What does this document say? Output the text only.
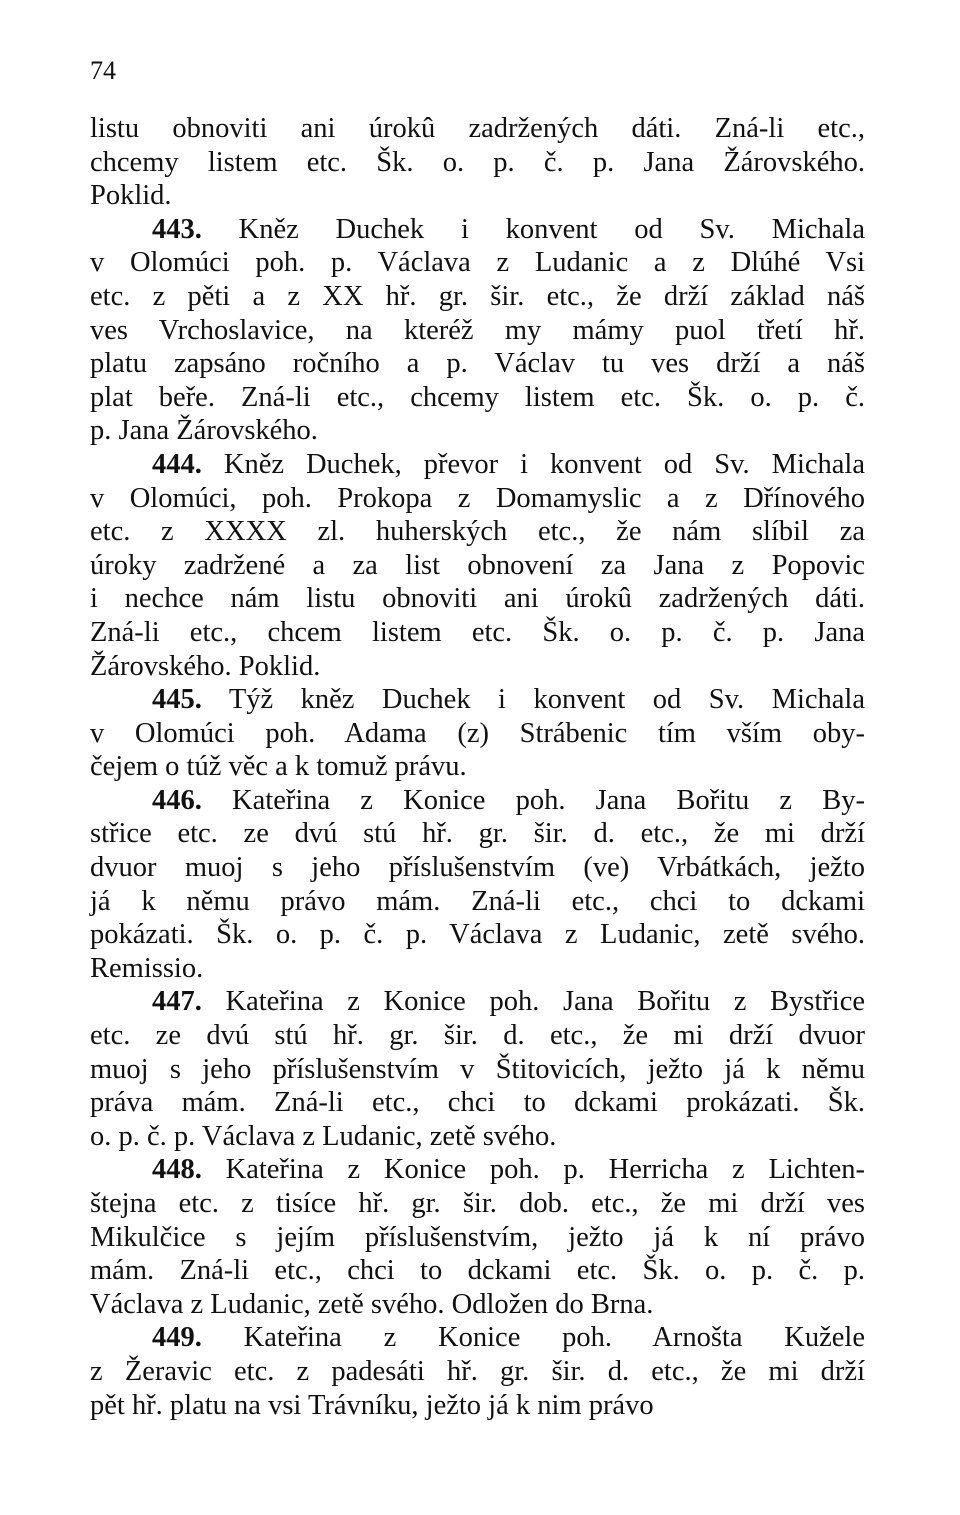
74
listu obnoviti ani úrokû zadržených dáti. Zná-li etc.,
chcemy listem etc. Šk. o. p. č. p. Jana Žárovského.
Poklid.
443. Kněz Duchek i konvent od Sv. Michala
v Olomúci poh. p. Václava z Ludanic a z Dlúhé Vsi
etc. z pěti a z XX hř. gr. šir. etc., že drží základ náš
ves Vrchoslavice, na kteréž my mámy puol třetí hř.
platu zapsáno ročního a p. Václav tu ves drží a náš
plat beře. Zná-li etc., chcemy listem etc. Šk. o. p. č.
p. Jana Žárovského.
444. Kněz Duchek, převor i konvent od Sv. Michala
v Olomúci, poh. Prokopa z Domamyslic a z Dřínového
etc. z XXXX zl. huherských etc., že nám slíbil za
úroky zadržené a za list obnovení za Jana z Popovic
i nechce nám listu obnoviti ani úrokû zadržených dáti.
Zná-li etc., chcem listem etc. Šk. o. p. č. p. Jana
Žárovského. Poklid.
445. Týž kněz Duchek i konvent od Sv. Michala
v Olomúci poh. Adama (z) Strábenic tím vším oby-
čejem o túž věc a k tomuž právu.
446. Kateřina z Konice poh. Jana Bořitu z By-
střice etc. ze dvú stú hř. gr. šir. d. etc., že mi drží
dvuor muoj s jeho příslušenstvím (ve) Vrbátkách, ježto
já k němu právo mám. Zná-li etc., chci to dckami
pokázati. Šk. o. p. č. p. Václava z Ludanic, zetě svého.
Remissio.
447. Kateřina z Konice poh. Jana Bořitu z Bystřice
etc. ze dvú stú hř. gr. šir. d. etc., že mi drží dvuor
muoj s jeho příslušenstvím v Štitovicích, ježto já k němu
práva mám. Zná-li etc., chci to dckami prokázati. Šk.
o. p. č. p. Václava z Ludanic, zetě svého.
448. Kateřina z Konice poh. p. Herricha z Lichten-
štejna etc. z tisíce hř. gr. šir. dob. etc., že mi drží ves
Mikulčice s jejím příslušenstvím, ježto já k ní právo
mám. Zná-li etc., chci to dckami etc. Šk. o. p. č. p.
Václava z Ludanic, zetě svého. Odložen do Brna.
449. Kateřina z Konice poh. Arnošta Kužele
z Žeravic etc. z padesáti hř. gr. šir. d. etc., že mi drží
pět hř. platu na vsi Trávníku, ježto já k nim právo
